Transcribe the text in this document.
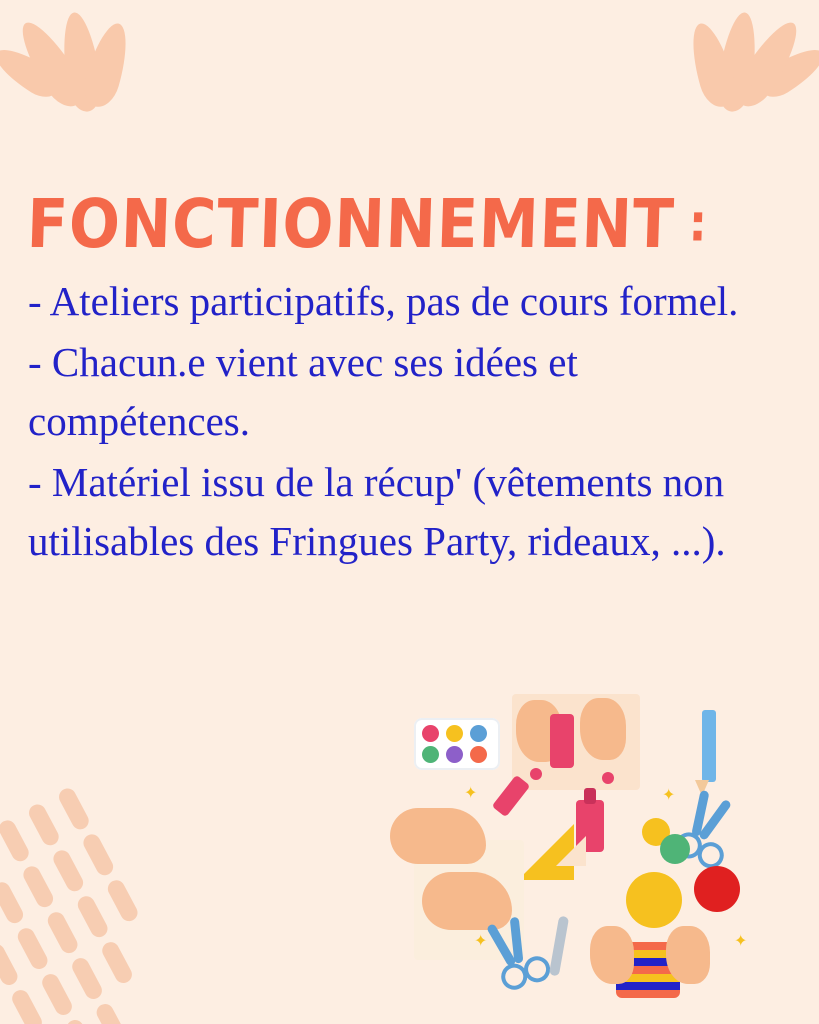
FONCTIONNEMENT :

- Ateliers participatifs, pas de cours formel.

- Chacun.e vient avec ses idées et compétences.

- Matériel issu de la récup' (vêtements non utilisables des Fringues Party, rideaux, ...).

✦
✦	✦
✦
